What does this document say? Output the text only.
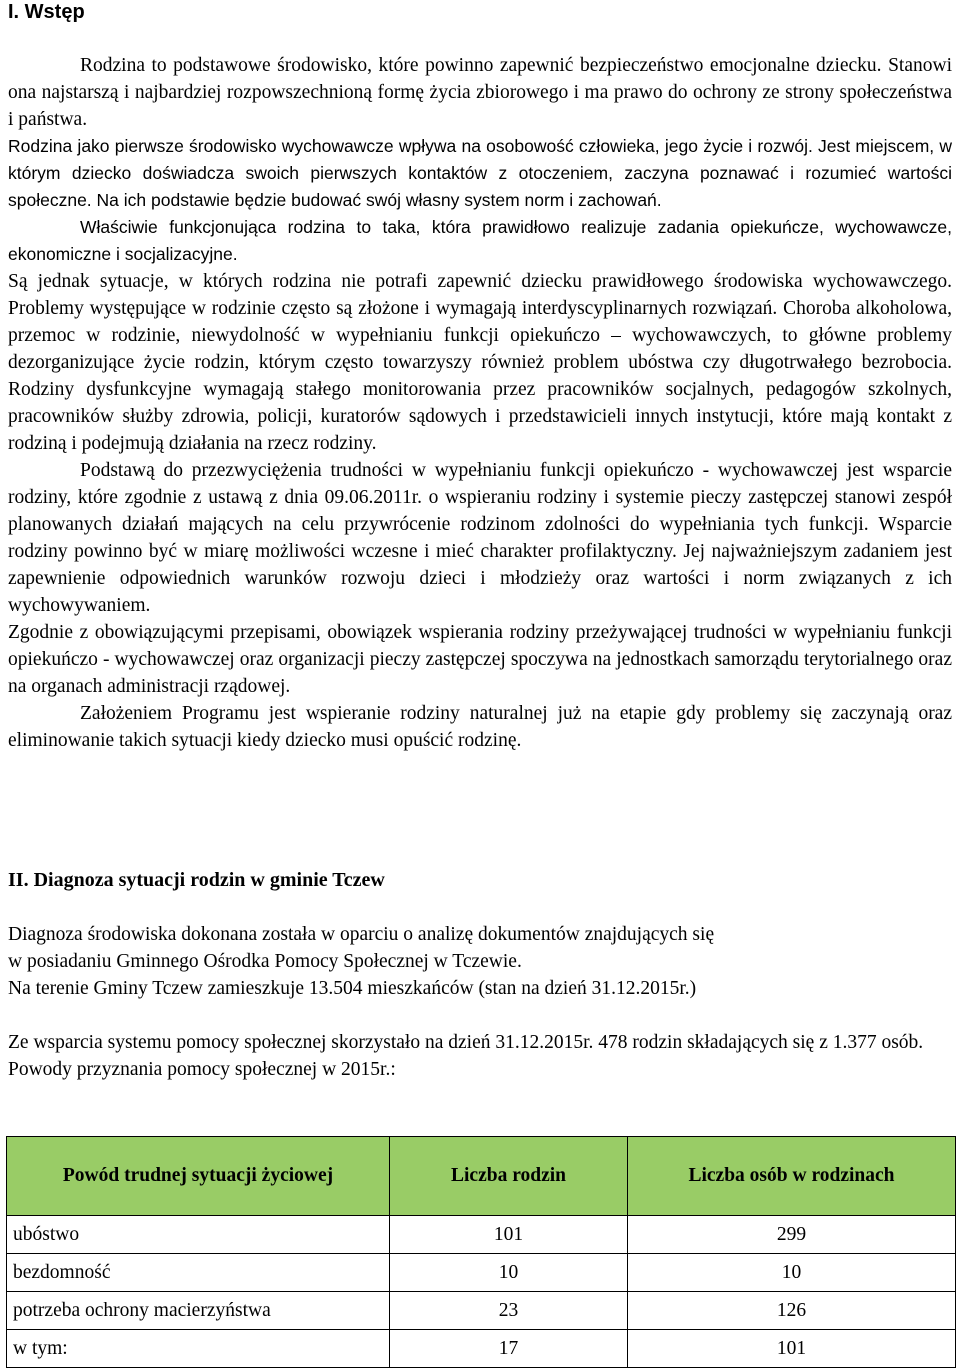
I. Wstęp

Rodzina to podstawowe środowisko, które powinno zapewnić bezpieczeństwo emocjonalne dziecku. Stanowi ona najstarszą i najbardziej rozpowszechnioną formę życia zbiorowego i ma prawo do ochrony ze strony społeczeństwa i państwa.

Rodzina jako pierwsze środowisko wychowawcze wpływa na osobowość człowieka, jego życie i rozwój. Jest miejscem, w którym dziecko doświadcza swoich pierwszych kontaktów z otoczeniem, zaczyna poznawać i rozumieć wartości społeczne. Na ich podstawie będzie budować swój własny system norm i zachowań.

Właściwie funkcjonująca rodzina to taka, która prawidłowo realizuje zadania opiekuńcze, wychowawcze, ekonomiczne i socjalizacyjne.

Są jednak sytuacje, w których rodzina nie potrafi zapewnić dziecku prawidłowego środowiska wychowawczego. Problemy występujące w rodzinie często są złożone i wymagają interdyscyplinarnych rozwiązań. Choroba alkoholowa, przemoc w rodzinie, niewydolność w wypełnianiu funkcji opiekuńczo – wychowawczych, to główne problemy dezorganizujące życie rodzin, którym często towarzyszy również problem ubóstwa czy długotrwałego bezrobocia. Rodziny dysfunkcyjne wymagają stałego monitorowania przez pracowników socjalnych, pedagogów szkolnych, pracowników służby zdrowia, policji, kuratorów sądowych i przedstawicieli innych instytucji, które mają kontakt z rodziną i podejmują działania na rzecz rodziny.

Podstawą do przezwyciężenia trudności w wypełnianiu funkcji opiekuńczo - wychowawczej jest wsparcie rodziny, które zgodnie z ustawą z dnia 09.06.2011r. o wspieraniu rodziny i systemie pieczy zastępczej stanowi zespół planowanych działań mających na celu przywrócenie rodzinom zdolności do wypełniania tych funkcji. Wsparcie rodziny powinno być w miarę możliwości wczesne i mieć charakter profilaktyczny. Jej najważniejszym zadaniem jest zapewnienie odpowiednich warunków rozwoju dzieci i młodzieży oraz wartości i norm związanych z ich wychowywaniem.

Zgodnie z obowiązującymi przepisami, obowiązek wspierania rodziny przeżywającej trudności w wypełnianiu funkcji opiekuńczo - wychowawczej oraz organizacji pieczy zastępczej spoczywa na jednostkach samorządu terytorialnego oraz na organach administracji rządowej.

Założeniem Programu jest wspieranie rodziny naturalnej już na etapie gdy problemy się zaczynają oraz eliminowanie takich sytuacji kiedy dziecko musi opuścić rodzinę.

II. Diagnoza sytuacji rodzin w gminie Tczew

Diagnoza środowiska dokonana została w oparciu o analizę dokumentów znajdujących się

w posiadaniu Gminnego Ośrodka Pomocy Społecznej w Tczewie.

Na terenie Gminy Tczew zamieszkuje 13.504 mieszkańców (stan na dzień 31.12.2015r.)

Ze wsparcia systemu pomocy społecznej skorzystało na dzień 31.12.2015r. 478 rodzin składających się z 1.377 osób.

Powody przyznania pomocy społecznej w 2015r.:

Powód trudnej sytuacji życiowej	Liczba rodzin	Liczba osób w rodzinach
ubóstwo	101	299
bezdomność	10	10
potrzeba ochrony macierzyństwa	23	126
w tym:	17	101
